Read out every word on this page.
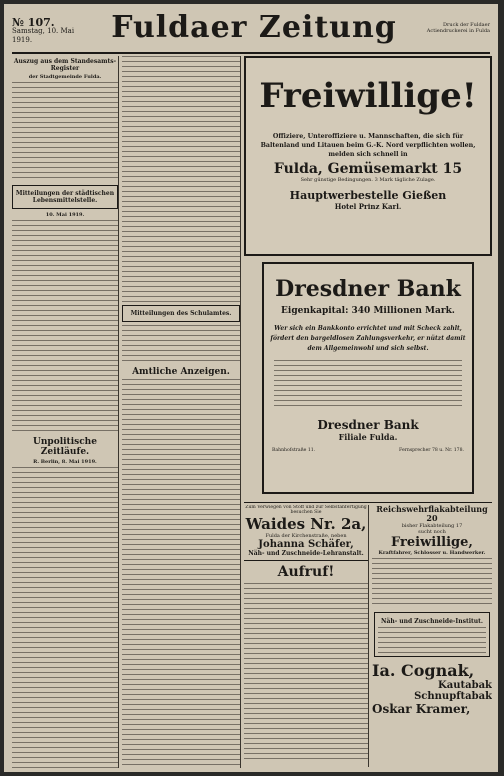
№ 107.
Samstag, 10. Mai 1919.	Fuldaer Zeitung	Druck der Fuldaer Actiendruckerei in Fulda
Auszug aus dem Standesamts-Register
der Stadtgemeinde Fulda.
Mitteilungen der städtischen Lebensmittelstelle.
10. Mai 1919.
Unpolitische Zeitläufe.
R. Berlin, 8. Mai 1919.
Mitteilungen des Schulamtes.
Amtliche Anzeigen.
Freiwillige!
Offiziere, Unteroffiziere u. Mannschaften, die sich für Baltenland und Litauen beim G.-K. Nord verpflichten wollen, melden sich schnell in
Fulda, Gemüsemarkt 15
Sehr günstige Bedingungen. 3 Mark tägliche Zulage.
Hauptwerbestelle Gießen
Hotel Prinz Karl.
Dresdner Bank
Eigenkapital: 340 Millionen Mark.
Wer sich ein Bankkonto errichtet und mit Scheck zahlt, fördert den bargeldlosen Zahlungsverkehr, er nützt damit dem Allgemeinwohl und sich selbst.
Dresdner Bank
Filiale Fulda.
Bahnhofstraße 11.	Fernsprecher 78 u. Nr. 178.
Zum Verwiegen von Stoff und zur Selbstanfertigung besuchen Sie
Waides Nr. 2a,
Fulda der Kirchenstraße, neben
Johanna Schäfer,
Näh- und Zuschneide-Lehranstalt.
Aufruf!
Reichswehrflakabteilung 20
bisher Flakabteilung 17
sucht noch
Freiwillige,
Kraftfahrer, Schlosser u. Handwerker.
Näh- und Zuschneide-Institut.
Ia. Cognak,
Kautabak
Schnupftabak
Oskar Kramer,
